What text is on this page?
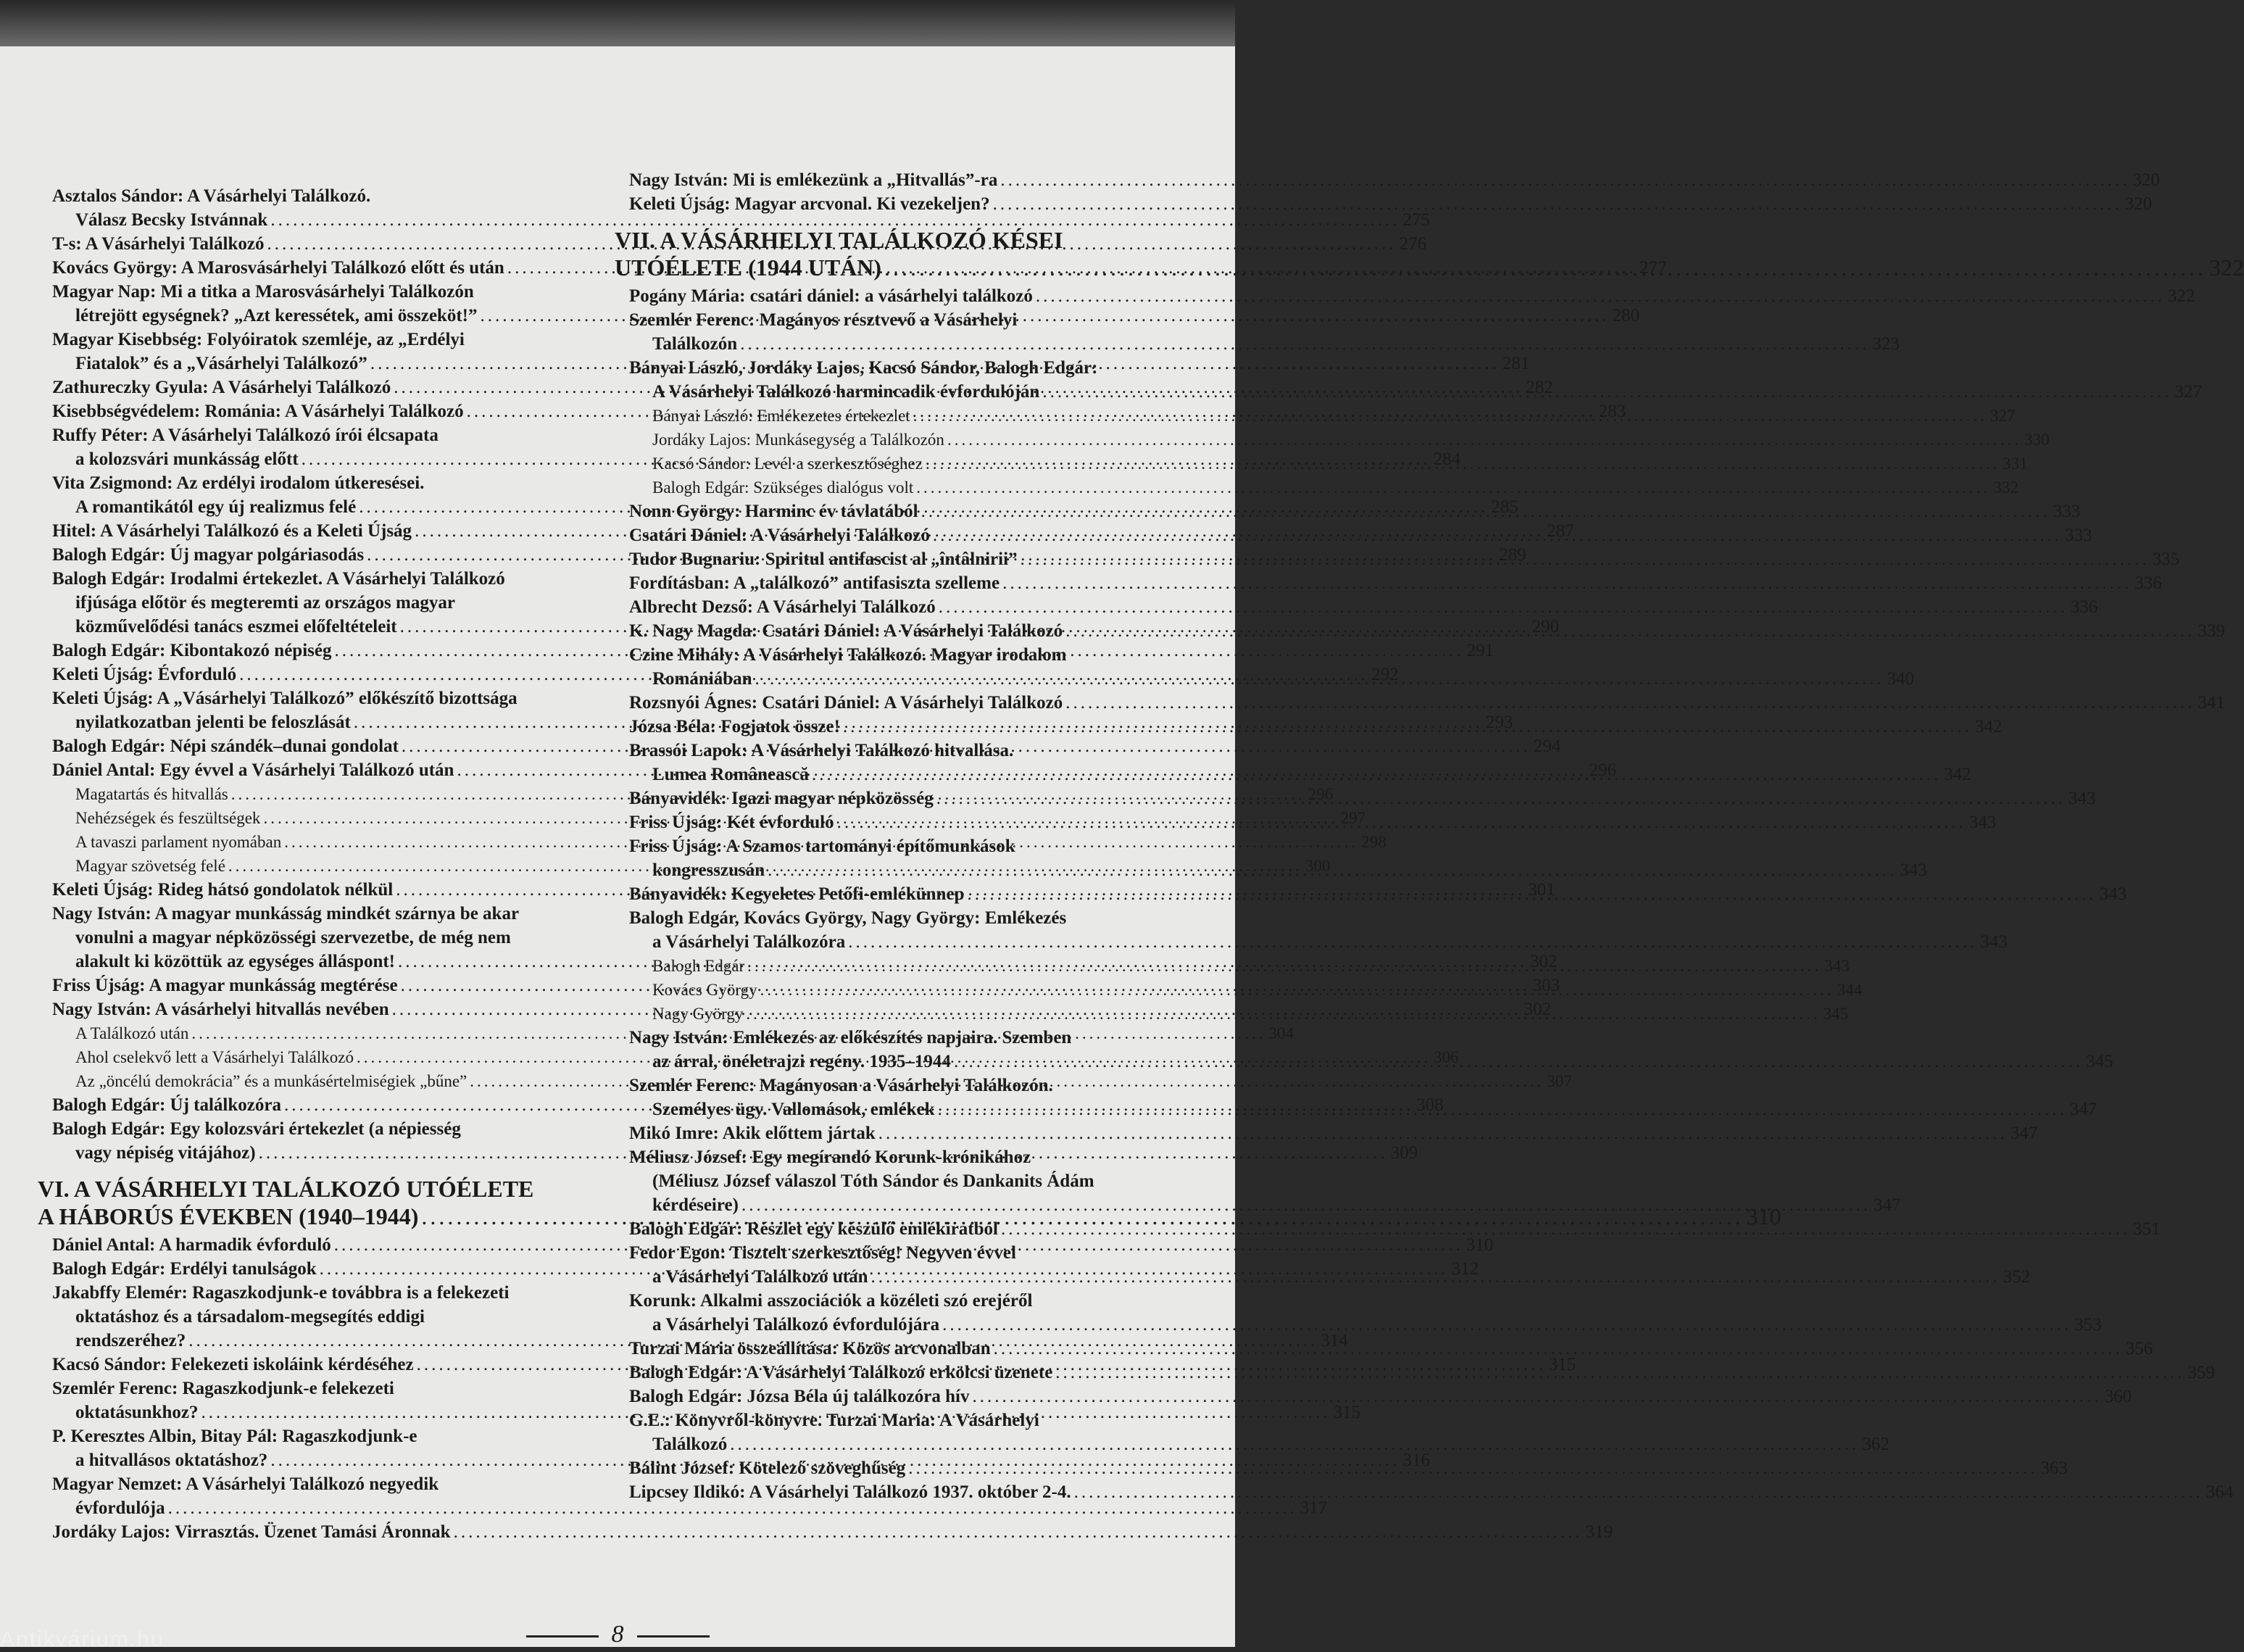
Asztalos Sándor: A Vásárhelyi Találkozó.
Válasz Becsky Istvánnak .....	275
T-s: A Vásárhelyi Találkozó .....	276
Kovács György: A Marosvásárhelyi Találkozó előtt és után .....	277
Magyar Nap: Mi a titka a Marosvásárhelyi Találkozón
létrejött egységnek? „Azt keressétek, ami összeköt!” .....	280
Magyar Kisebbség: Folyóiratok szemléje, az „Erdélyi
Fiatalok” és a „Vásárhelyi Találkozó” .....	281
Zathureczky Gyula: A Vásárhelyi Találkozó .....	282
Kisebbségvédelem: Románia: A Vásárhelyi Találkozó .....	283
Ruffy Péter: A Vásárhelyi Találkozó írói élcsapata
a kolozsvári munkásság előtt .....	284
Vita Zsigmond: Az erdélyi irodalom útkeresései.
A romantikától egy új realizmus felé .....	285
Hitel: A Vásárhelyi Találkozó és a Keleti Újság .....	287
Balogh Edgár: Új magyar polgáriasodás .....	289
Balogh Edgár: Irodalmi értekezlet. A Vásárhelyi Találkozó
ifjúsága előtör és megteremti az országos magyar
közművelődési tanács eszmei előfeltételeit .....	290
Balogh Edgár: Kibontakozó népiség .....	291
Keleti Újság: Évforduló .....	292
Keleti Újság: A „Vásárhelyi Találkozó” előkészítő bizottsága
nyilatkozatban jelenti be feloszlását .....	293
Balogh Edgár: Népi szándék–dunai gondolat .....	294
Dániel Antal: Egy évvel a Vásárhelyi Találkozó után .....	296
Magatartás és hitvallás .....	296
Nehézségek és feszültségek .....	297
A tavaszi parlament nyomában .....	298
Magyar szövetség felé .....	300
Keleti Újság: Rideg hátsó gondolatok nélkül .....	301
Nagy István: A magyar munkásság mindkét szárnya be akar
vonulni a magyar népközösségi szervezetbe, de még nem
alakult ki közöttük az egységes álláspont! .....	302
Friss Újság: A magyar munkásság megtérése .....	303
Nagy István: A vásárhelyi hitvallás nevében .....	302
A Találkozó után .....	304
Ahol cselekvő lett a Vásárhelyi Találkozó .....	306
Az „öncélú demokrácia” és a munkásértelmiségiek „bűne” .....	307
Balogh Edgár: Új találkozóra .....	308
Balogh Edgár: Egy kolozsvári értekezlet (a népiesség
vagy népiség vitájához) .....	309
VI. A VÁSÁRHELYI TALÁLKOZÓ UTÓÉLETE
A HÁBORÚS ÉVEKBEN (1940–1944) .....	310
Dániel Antal: A harmadik évforduló .....	310
Balogh Edgár: Erdélyi tanulságok .....	312
Jakabffy Elemér: Ragaszkodjunk-e továbbra is a felekezeti
oktatáshoz és a társadalom-megsegítés eddigi
rendszeréhez? .....	314
Kacsó Sándor: Felekezeti iskoláink kérdéséhez .....	315
Szemlér Ferenc: Ragaszkodjunk-e felekezeti
oktatásunkhoz? .....	315
P. Keresztes Albin, Bitay Pál: Ragaszkodjunk-e
a hitvallásos oktatáshoz? .....	316
Magyar Nemzet: A Vásárhelyi Találkozó negyedik
évfordulója .....	317
Jordáky Lajos: Virrasztás. Üzenet Tamási Áronnak .....	319
Nagy István: Mi is emlékezünk a „Hitvallás”-ra .....	320
Keleti Újság: Magyar arcvonal. Ki vezekeljen? .....	320
VII. A VÁSÁRHELYI TALÁLKOZÓ KÉSEI
UTÓÉLETE (1944 UTÁN) .....	322
Pogány Mária: csatári dániel: a vásárhelyi találkozó .....	322
Szemlér Ferenc: Magányos résztvevő a Vásárhelyi
Találkozón .....	323
Bányai László, Jordáky Lajos, Kacsó Sándor, Balogh Edgár:
A Vásárhelyi Találkozó harmincadik évfordulóján .....	327
Bányai László: Emlékezetes értekezlet .....	327
Jordáky Lajos: Munkásegység a Találkozón .....	330
Kacsó Sándor: Levél a szerkesztőséghez .....	331
Balogh Edgár: Szükséges dialógus volt .....	332
Nonn György: Harminc év távlatából .....	333
Csatári Dániel: A Vásárhelyi Találkozó .....	333
Tudor Bugnariu: Spiritul antifascist al „întâlnirii” .....	335
Fordításban: A „találkozó” antifasiszta szelleme .....	336
Albrecht Dezső: A Vásárhelyi Találkozó .....	336
K. Nagy Magda: Csatári Dániel: A Vásárhelyi Találkozó .....	339
Czine Mihály: A Vásárhelyi Találkozó. Magyar irodalom
Romániában .....	340
Rozsnyói Ágnes: Csatári Dániel: A Vásárhelyi Találkozó .....	341
Józsa Béla: Fogjatok össze! .....	342
Brassói Lapok: A Vásárhelyi Találkozó hitvallása.
Lumea Românească .....	342
Bányavidék: Igazi magyar népközösség .....	343
Friss Újság: Két évforduló .....	343
Friss Újság: A Szamos tartományi építőmunkások
kongresszusán .....	343
Bányavidék: Kegyeletes Petőfi-emlékünnep .....	343
Balogh Edgár, Kovács György, Nagy György: Emlékezés
a Vásárhelyi Találkozóra .....	343
Balogh Edgár .....	343
Kovács György .....	344
Nagy György .....	345
Nagy István: Emlékezés az előkészítés napjaira. Szemben
az árral, önéletrajzi regény. 1935–1944 .....	345
Szemlér Ferenc: Magányosan a Vásárhelyi Találkozón.
Személyes ügy. Vallomások, emlékek .....	347
Mikó Imre: Akik előttem jártak .....	347
Méliusz József: Egy megírandó Korunk-krónikához
(Méliusz József válaszol Tóth Sándor és Dankanits Ádám
kérdéseire) .....	347
Balogh Edgár: Részlet egy készülő emlékiratból .....	351
Fedor Egon: Tisztelt szerkesztőség! Negyven évvel
a Vásárhelyi Találkozó után .....	352
Korunk: Alkalmi asszociációk a közéleti szó erejéről
a Vásárhelyi Találkozó évfordulójára .....	353
Turzai Mária összeállítása: Közös arcvonalban .....	356
Balogh Edgár: A Vásárhelyi Találkozó erkölcsi üzenete .....	359
Balogh Edgár: Józsa Béla új találkozóra hív .....	360
G.E.: Könyvről-könyvre. Turzai Maria: A Vásárhelyi
Találkozó .....	362
Bálint József: Kötelező szöveghűség .....	363
Lipcsey Ildikó: A Vásárhelyi Találkozó 1937. október 2-4. .....	364
8
Antikvárium.hu
